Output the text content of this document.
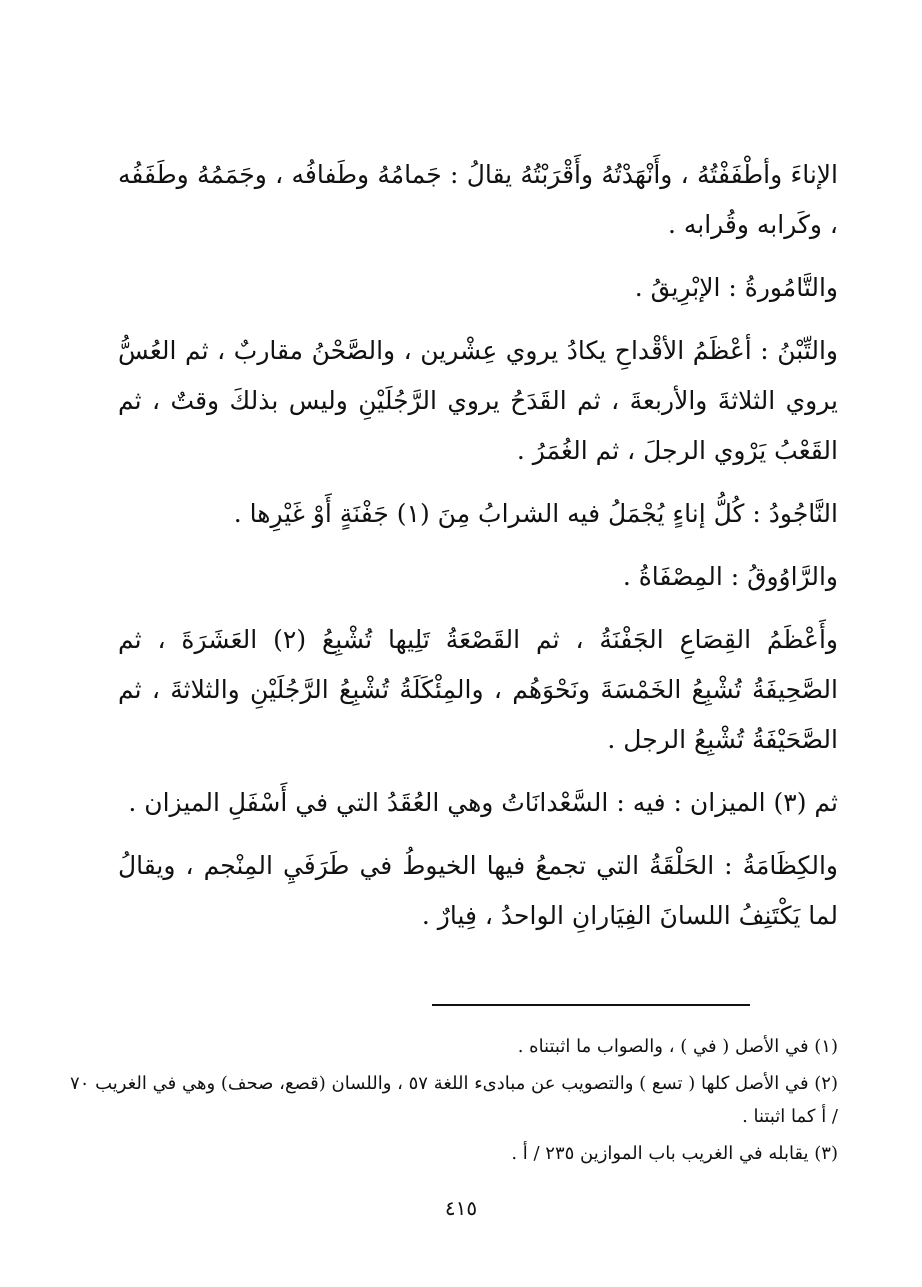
الإناءَ وأطْفَفْتُهُ ، وأَنْهَدْتُهُ وأَقْرَبْتُهُ يقالُ : جَمامُهُ وطَفافُه ، وجَمَمُهُ وطَفَفُه ، وكَرابه وقُرابه .

والتَّامُورةُ : الإبْرِيقُ .

والتِّبْنُ : أعْظَمُ الأقْداحِ يكادُ يروي عِشْرين ، والصَّحْنُ مقاربٌ ، ثم العُسُّ يروي الثلاثةَ والأربعةَ ، ثم القَدَحُ يروي الرَّجُلَيْنِ وليس بذلكَ وقتٌ ، ثم القَعْبُ يَرْوي الرجلَ ، ثم الغُمَرُ .

النَّاجُودُ : كُلُّ إناءٍ يُجْمَلُ فيه الشرابُ مِنَ (١) جَفْنَةٍ أَوْ غَيْرِها .

والرَّاوُوقُ : المِصْفَاةُ .

وأَعْظَمُ القِصَاعِ الجَفْنَةُ ، ثم القَصْعَةُ تَلِيها تُشْبِعُ (٢) العَشَرَةَ ، ثم الصَّحِيفَةُ تُشْبِعُ الخَمْسَةَ ونَحْوَهُم ، والمِئْكَلَةُ تُشْبِعُ الرَّجُلَيْنِ والثلاثةَ ، ثم الصَّحَيْفَةُ تُشْبِعُ الرجل .

ثم (٣) الميزان : فيه : السَّعْدانَاتُ وهي العُقَدُ التي في أَسْفَلِ الميزان .

والكِظَامَةُ : الحَلْقَةُ التي تجمعُ فيها الخيوطُ في طَرَفَيِ المِنْجم ، ويقالُ لما يَكْتَنِفُ اللسانَ الفِيَارانِ الواحدُ ، فِيارٌ .

(١) في الأصل ( في ) ، والصواب ما اثبتناه .

(٢) في الأصل كلها ( تسع ) والتصويب عن مبادىء اللغة ٥٧ ، واللسان (قصع، صحف) وهي في الغريب ٧٠ / أ كما اثبتنا .

(٣) يقابله في الغريب باب الموازين ٢٣٥ / أ .

٤١٥
